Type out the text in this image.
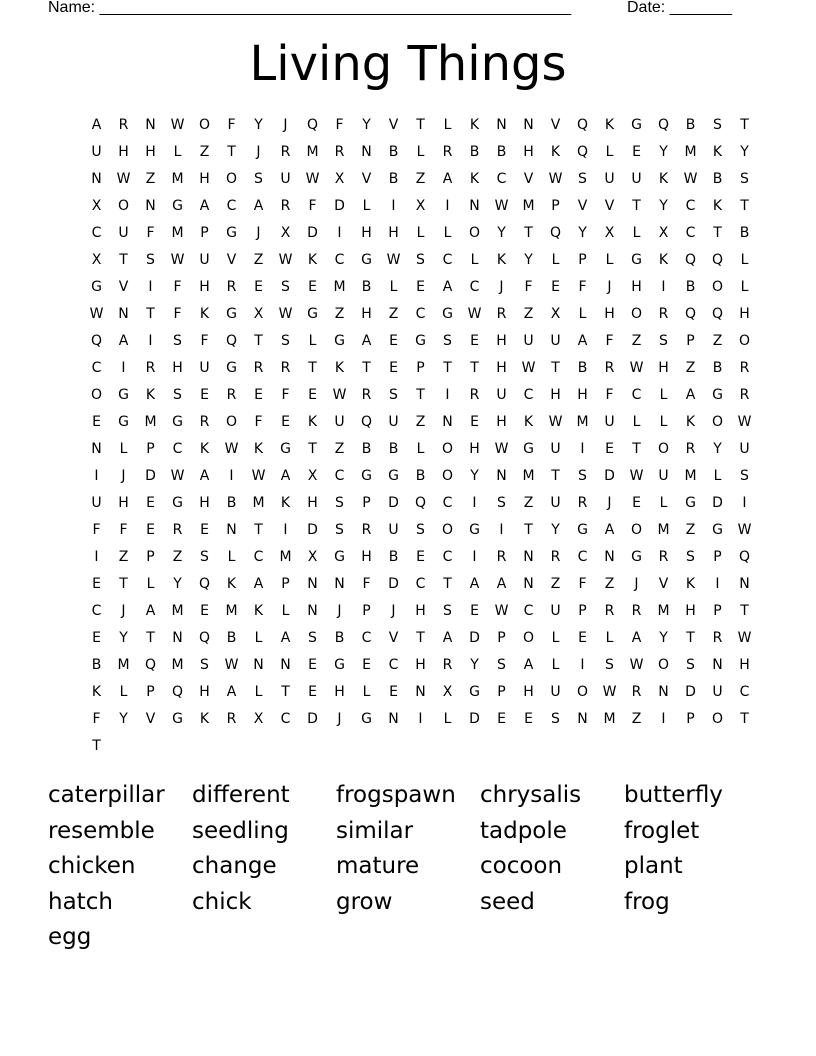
Name: _____________________________________________________	Date: _______
Living Things
A	R	N	W	O	F	Y	J	Q	F	Y	V	T	L	K	N	N	V	Q	K	G	Q	B	S	T
U	H	H	L	Z	T	J	R	M	R	N	B	L	R	B	B	H	K	Q	L	E	Y	M	K	Y
N	W	Z	M	H	O	S	U	W	X	V	B	Z	A	K	C	V	W	S	U	U	K	W	B	S
X	O	N	G	A	C	A	R	F	D	L	I	X	I	N	W	M	P	V	V	T	Y	C	K	T
C	U	F	M	P	G	J	X	D	I	H	H	L	L	O	Y	T	Q	Y	X	L	X	C	T	B
X	T	S	W	U	V	Z	W	K	C	G	W	S	C	L	K	Y	L	P	L	G	K	Q	Q	L
G	V	I	F	H	R	E	S	E	M	B	L	E	A	C	J	F	E	F	J	H	I	B	O	L
W	N	T	F	K	G	X	W	G	Z	H	Z	C	G	W	R	Z	X	L	H	O	R	Q	Q	H
Q	A	I	S	F	Q	T	S	L	G	A	E	G	S	E	H	U	U	A	F	Z	S	P	Z	O
C	I	R	H	U	G	R	R	T	K	T	E	P	T	T	H	W	T	B	R	W	H	Z	B	R
O	G	K	S	E	R	E	F	E	W	R	S	T	I	R	U	C	H	H	F	C	L	A	G	R
E	G	M	G	R	O	F	E	K	U	Q	U	Z	N	E	H	K	W	M	U	L	L	K	O	W
N	L	P	C	K	W	K	G	T	Z	B	B	L	O	H	W	G	U	I	E	T	O	R	Y	U
I	J	D	W	A	I	W	A	X	C	G	G	B	O	Y	N	M	T	S	D	W	U	M	L	S
U	H	E	G	H	B	M	K	H	S	P	D	Q	C	I	S	Z	U	R	J	E	L	G	D	I
F	F	E	R	E	N	T	I	D	S	R	U	S	O	G	I	T	Y	G	A	O	M	Z	G	W
I	Z	P	Z	S	L	C	M	X	G	H	B	E	C	I	R	N	R	C	N	G	R	S	P	Q
E	T	L	Y	Q	K	A	P	N	N	F	D	C	T	A	A	N	Z	F	Z	J	V	K	I	N
C	J	A	M	E	M	K	L	N	J	P	J	H	S	E	W	C	U	P	R	R	M	H	P	T
E	Y	T	N	Q	B	L	A	S	B	C	V	T	A	D	P	O	L	E	L	A	Y	T	R	W
B	M	Q	M	S	W	N	N	E	G	E	C	H	R	Y	S	A	L	I	S	W	O	S	N	H
K	L	P	Q	H	A	L	T	E	H	L	E	N	X	G	P	H	U	O	W	R	N	D	U	C
F	Y	V	G	K	R	X	C	D	J	G	N	I	L	D	E	E	S	N	M	Z	I	P	O	T
T
caterpillar	different	frogspawn	chrysalis	butterfly
resemble	seedling	similar	tadpole	froglet
chicken	change	mature	cocoon	plant
hatch	chick	grow	seed	frog
egg
